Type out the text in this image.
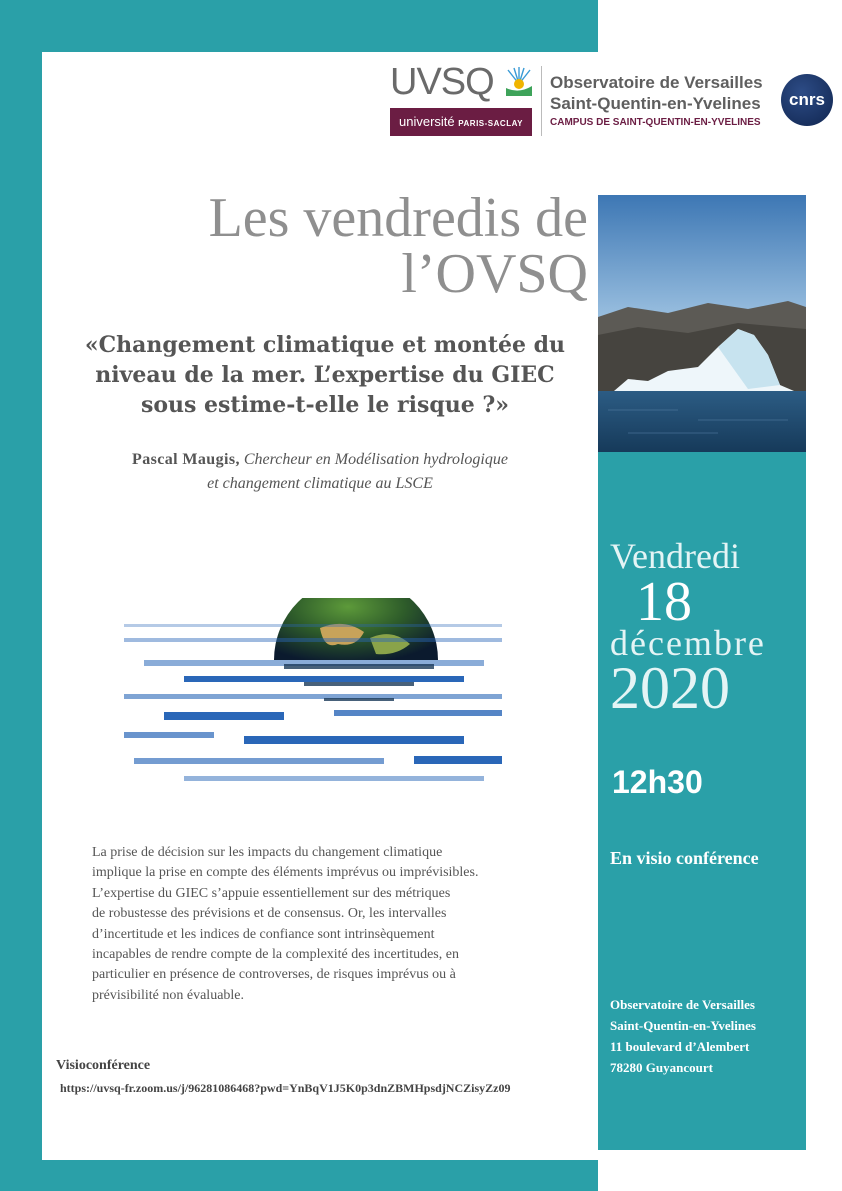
UVSQ
université PARIS-SACLAY
Observatoire de Versailles
Saint-Quentin-en-Yvelines
CAMPUS DE SAINT-QUENTIN-EN-YVELINES
cnrs
Les vendredis de
l’OVSQ
«Changement climatique et montée du
niveau de la mer. L’expertise du GIEC
sous estime-t-elle le risque ?»
Pascal Maugis, Chercheur en Modélisation hydrologique
et changement climatique au LSCE
Vendredi
18
décembre
2020
12h30
En visio conférence
Observatoire de Versailles
Saint-Quentin-en-Yvelines
11 boulevard d’Alembert
78280 Guyancourt
La prise de décision sur les impacts du changement climatique
implique la prise en compte des éléments imprévus ou imprévisibles.
L’expertise du GIEC s’appuie essentiellement sur des métriques
de robustesse des prévisions et de consensus. Or, les intervalles
d’incertitude et les indices de confiance sont intrinsèquement
incapables de rendre compte de la complexité des incertitudes, en
particulier en présence de controverses, de risques imprévus ou à
prévisibilité non évaluable.
Visioconférence
https://uvsq-fr.zoom.us/j/96281086468?pwd=YnBqV1J5K0p3dnZBMHpsdjNCZisyZz09
